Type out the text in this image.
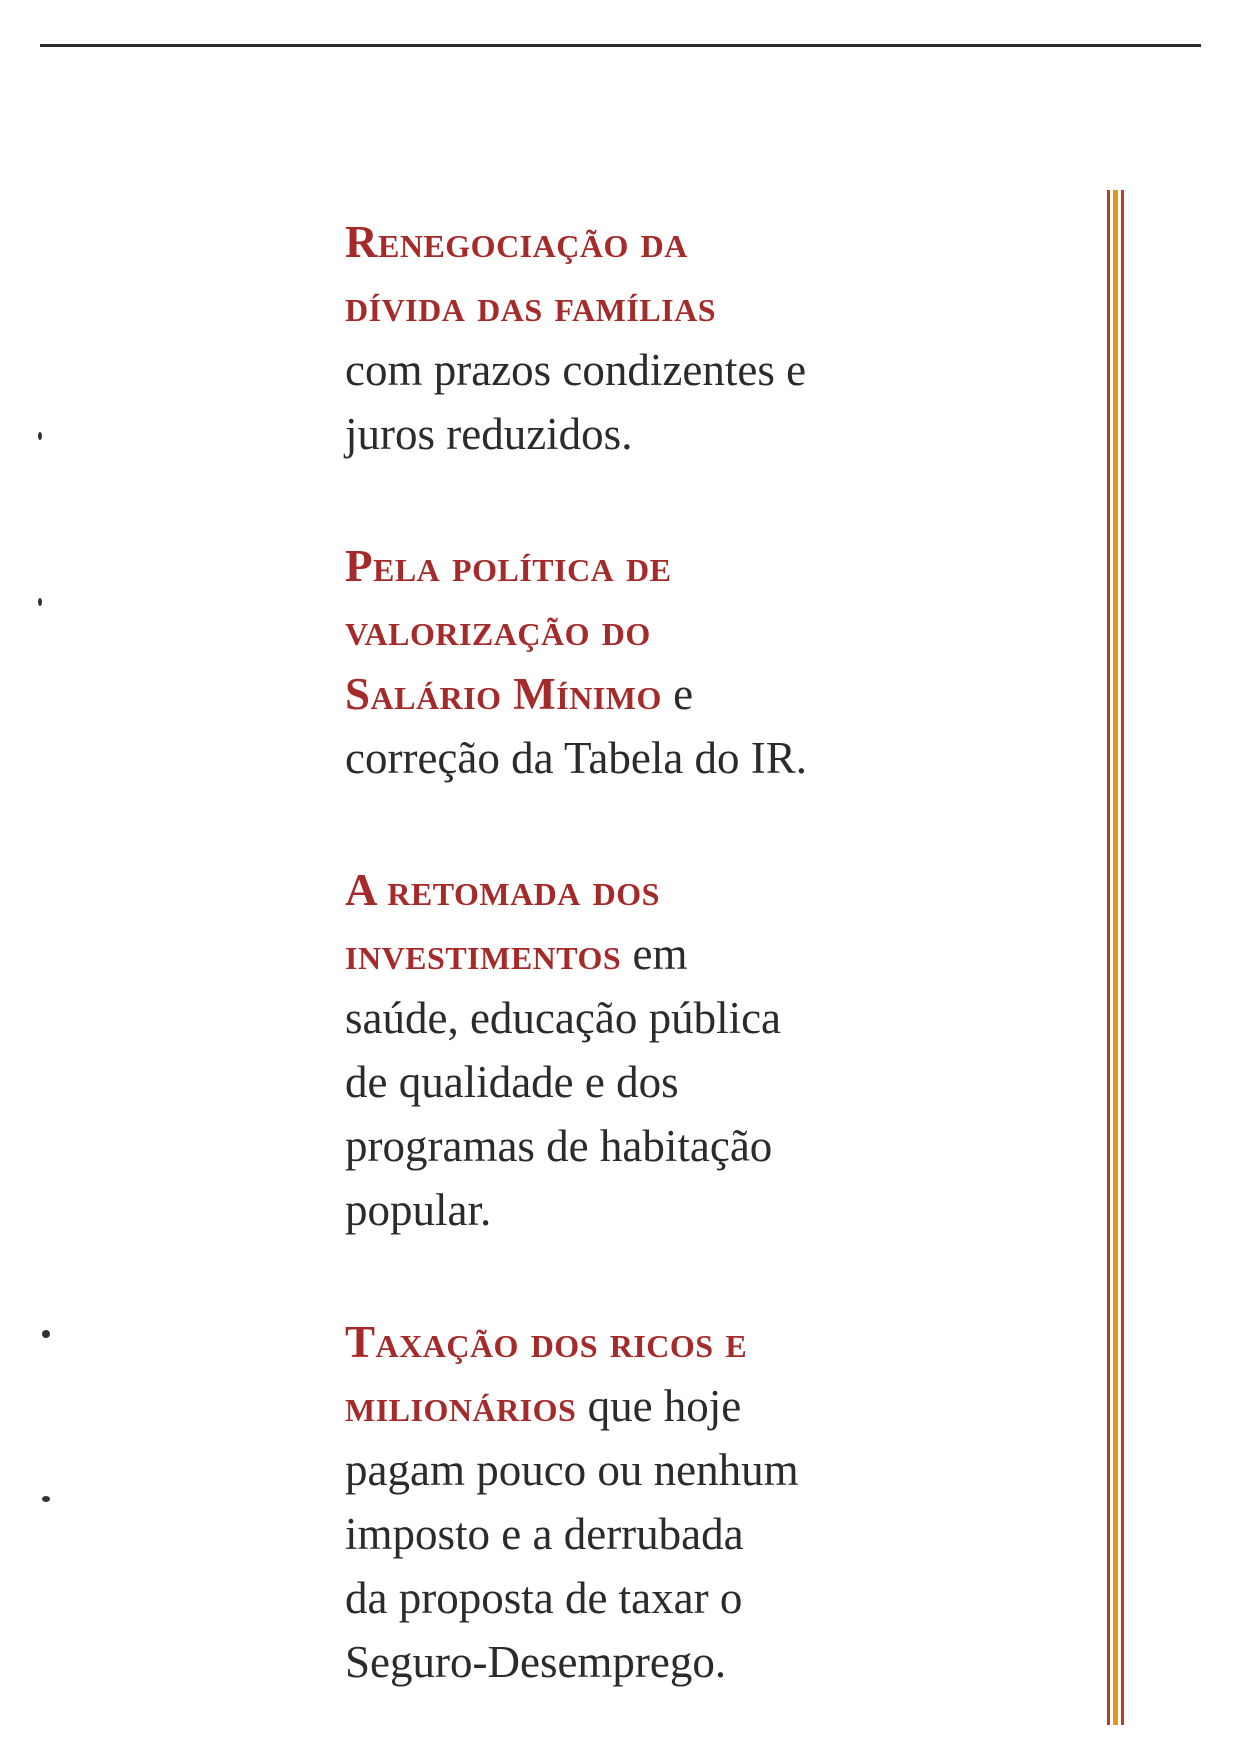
Renegociação da
dívida das famílias
com prazos condizentes e
juros reduzidos.

Pela política de
valorização do
Salário Mínimo e
correção da Tabela do IR.

A retomada dos
investimentos em
saúde, educação pública
de qualidade e dos
programas de habitação
popular.

Taxação dos ricos e
milionários que hoje
pagam pouco ou nenhum
imposto e a derrubada
da proposta de taxar o
Seguro-Desemprego.
